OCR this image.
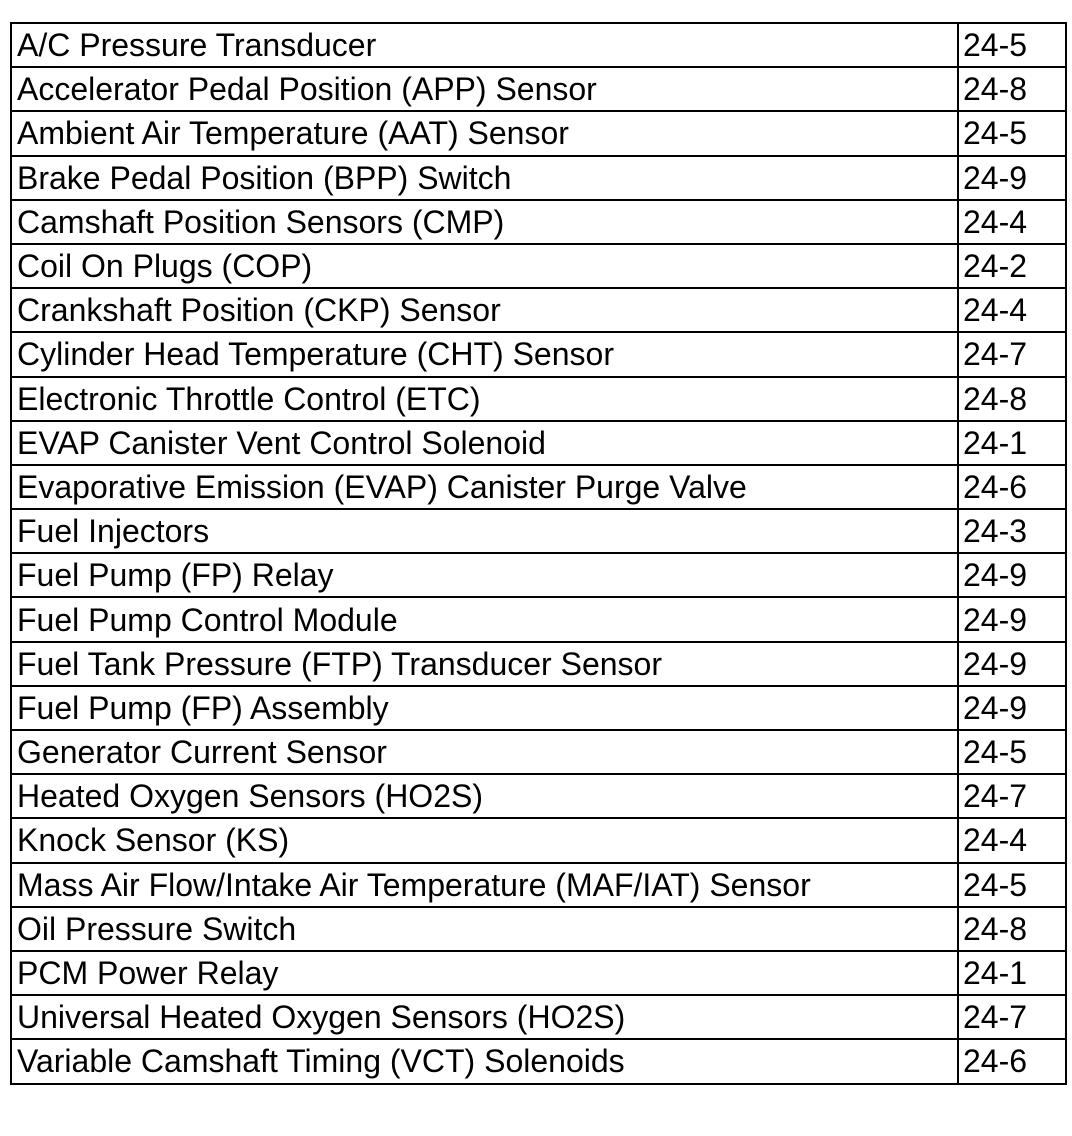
A/C Pressure Transducer	24-5
Accelerator Pedal Position (APP) Sensor	24-8
Ambient Air Temperature (AAT) Sensor	24-5
Brake Pedal Position (BPP) Switch	24-9
Camshaft Position Sensors (CMP)	24-4
Coil On Plugs (COP)	24-2
Crankshaft Position (CKP) Sensor	24-4
Cylinder Head Temperature (CHT) Sensor	24-7
Electronic Throttle Control (ETC)	24-8
EVAP Canister Vent Control Solenoid	24-1
Evaporative Emission (EVAP) Canister Purge Valve	24-6
Fuel Injectors	24-3
Fuel Pump (FP) Relay	24-9
Fuel Pump Control Module	24-9
Fuel Tank Pressure (FTP) Transducer Sensor	24-9
Fuel Pump (FP) Assembly	24-9
Generator Current Sensor	24-5
Heated Oxygen Sensors (HO2S)	24-7
Knock Sensor (KS)	24-4
Mass Air Flow/Intake Air Temperature (MAF/IAT) Sensor	24-5
Oil Pressure Switch	24-8
PCM Power Relay	24-1
Universal Heated Oxygen Sensors (HO2S)	24-7
Variable Camshaft Timing (VCT) Solenoids	24-6
